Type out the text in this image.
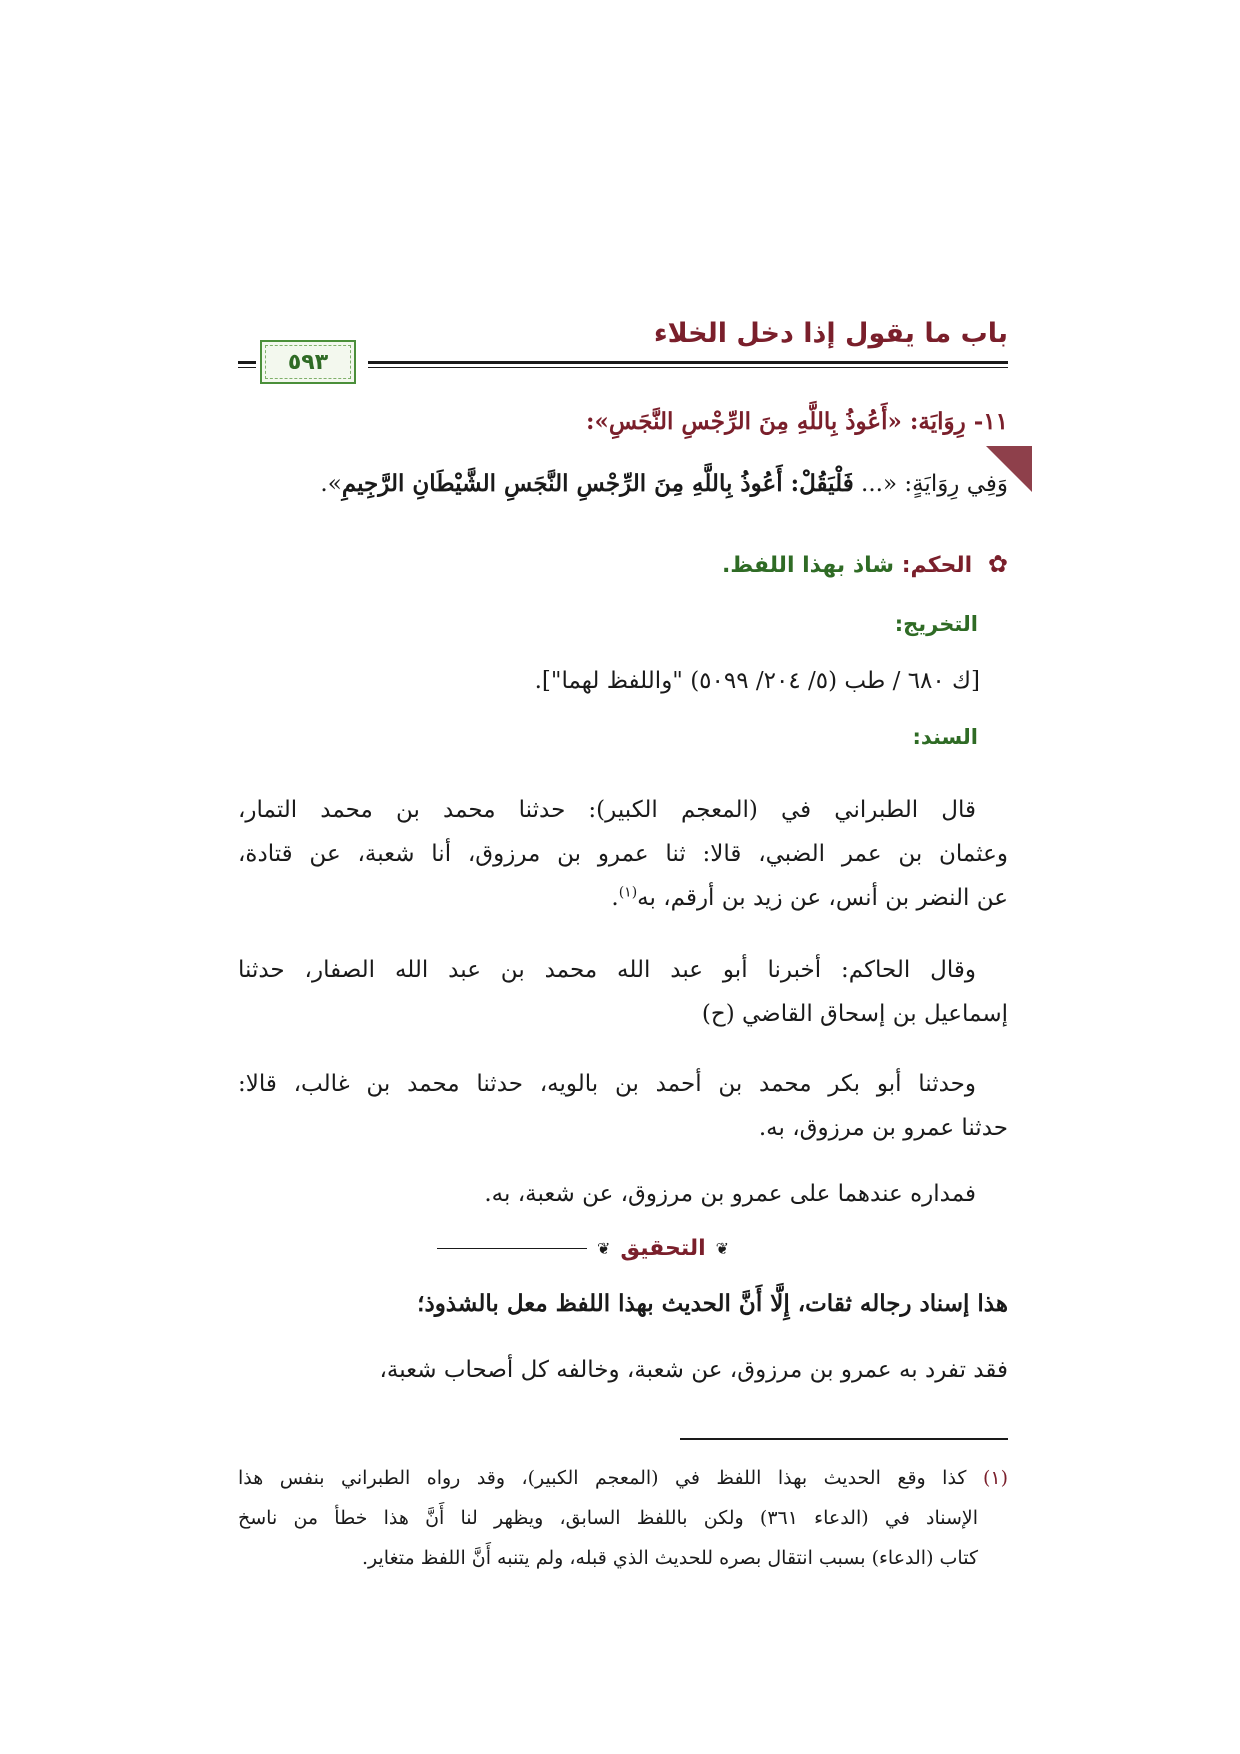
باب ما يقول إذا دخل الخلاء
٥٩٣
١١- رِوَايَة: «أَعُوذُ بِاللَّهِ مِنَ الرِّجْسِ النَّجَسِ»:
وَفِي رِوَايَةٍ: «... فَلْيَقُلْ: أَعُوذُ بِاللَّهِ مِنَ الرِّجْسِ النَّجَسِ الشَّيْطَانِ الرَّجِيمِ».
✿ الحكم: شاذ بهذا اللفظ.
التخريج:
[ك ٦٨٠ / طب (٥/ ٢٠٤/ ٥٠٩٩) "واللفظ لهما"].
السند:
قال الطبراني في (المعجم الكبير): حدثنا محمد بن محمد التمار،
وعثمان بن عمر الضبي، قالا: ثنا عمرو بن مرزوق، أنا شعبة، عن قتادة،
عن النضر بن أنس، عن زيد بن أرقم، به$^{(١)}$.
وقال الحاكم: أخبرنا أبو عبد الله محمد بن عبد الله الصفار، حدثنا
إسماعيل بن إسحاق القاضي (ح)
وحدثنا أبو بكر محمد بن أحمد بن بالويه، حدثنا محمد بن غالب، قالا:
حدثنا عمرو بن مرزوق، به.
فمداره عندهما على عمرو بن مرزوق، عن شعبة، به.
❦
التحقيق
❦
هذا إسناد رجاله ثقات، إِلَّا أَنَّ الحديث بهذا اللفظ معل بالشذوذ؛
فقد تفرد به عمرو بن مرزوق، عن شعبة، وخالفه كل أصحاب شعبة،
(١) كذا وقع الحديث بهذا اللفظ في (المعجم الكبير)، وقد رواه الطبراني بنفس هذا
الإسناد في (الدعاء ٣٦١) ولكن باللفظ السابق، ويظهر لنا أَنَّ هذا خطأ من ناسخ
كتاب (الدعاء) بسبب انتقال بصره للحديث الذي قبله، ولم يتنبه أَنَّ اللفظ متغاير.
